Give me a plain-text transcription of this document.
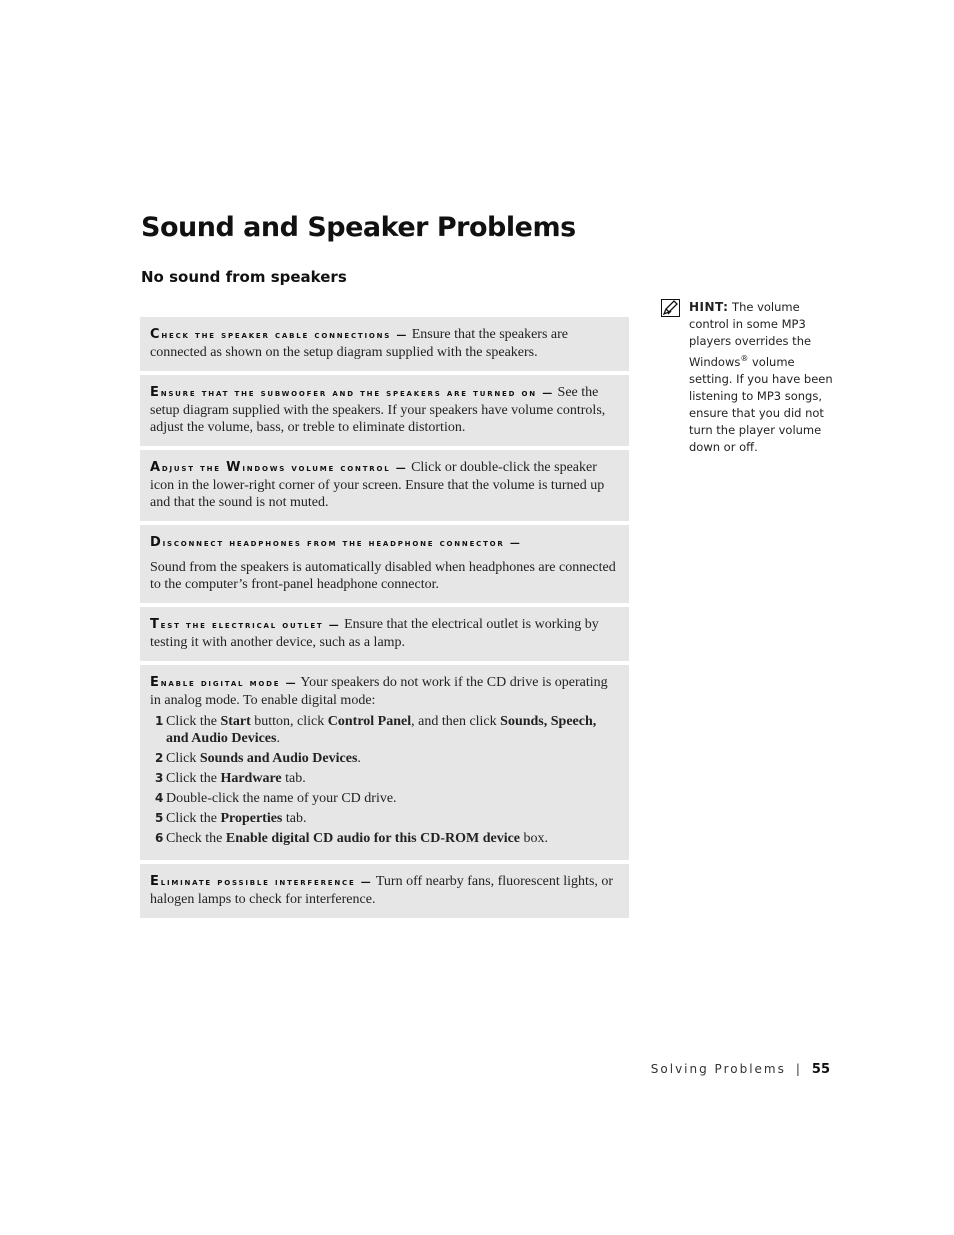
Sound and Speaker Problems
No sound from speakers

Check the speaker cable connections — Ensure that the speakers are connected as shown on the setup diagram supplied with the speakers.

Ensure that the subwoofer and the speakers are turned on — See the setup diagram supplied with the speakers. If your speakers have volume controls, adjust the volume, bass, or treble to eliminate distortion.

Adjust the Windows volume control — Click or double-click the speaker icon in the lower-right corner of your screen. Ensure that the volume is turned up and that the sound is not muted.

Disconnect headphones from the headphone connector —

Sound from the speakers is automatically disabled when headphones are connected to the computer’s front-panel headphone connector.

Test the electrical outlet — Ensure that the electrical outlet is working by testing it with another device, such as a lamp.

Enable digital mode — Your speakers do not work if the CD drive is operating in analog mode. To enable digital mode:

1 Click the Start button, click Control Panel, and then click Sounds, Speech, and Audio Devices.
2 Click Sounds and Audio Devices.
3 Click the Hardware tab.
4 Double-click the name of your CD drive.
5 Click the Properties tab.
6 Check the Enable digital CD audio for this CD-ROM device box.

Eliminate possible interference — Turn off nearby fans, fluorescent lights, or halogen lamps to check for interference.

HINT: The volume control in some MP3 players overrides the Windows® volume setting. If you have been listening to MP3 songs, ensure that you did not turn the player volume down or off.
Solving Problems | 55
